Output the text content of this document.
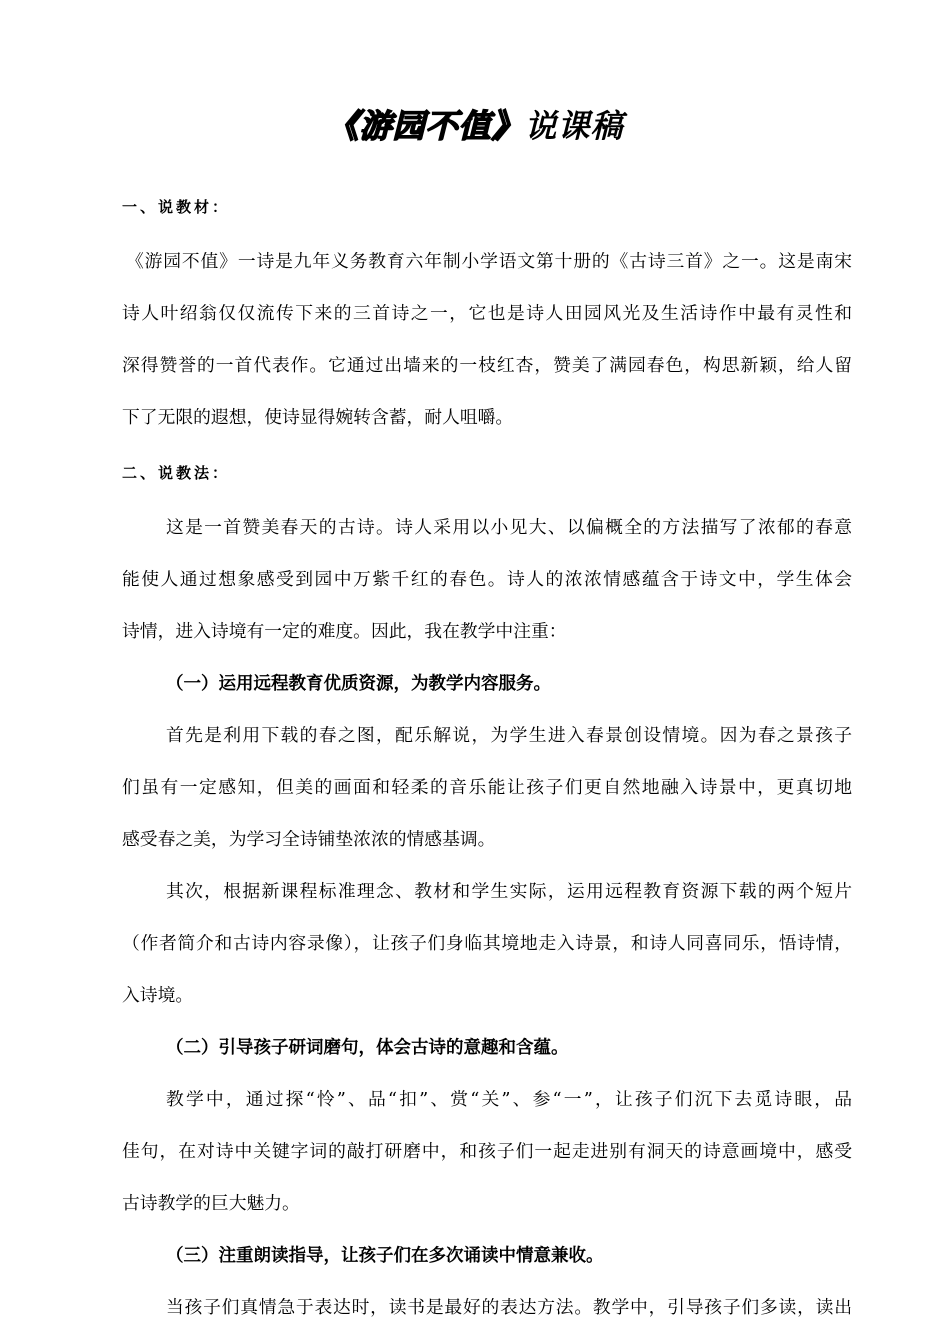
《游园不值》说课稿
一、说教材：
《游园不值》一诗是九年义务教育六年制小学语文第十册的《古诗三首》之一。这是南宋
诗人叶绍翁仅仅流传下来的三首诗之一，它也是诗人田园风光及生活诗作中最有灵性和
深得赞誉的一首代表作。它通过出墙来的一枝红杏，赞美了满园春色，构思新颖，给人留
下了无限的遐想，使诗显得婉转含蓄，耐人咀嚼。
二、说教法：
这是一首赞美春天的古诗。诗人采用以小见大、以偏概全的方法描写了浓郁的春意
能使人通过想象感受到园中万紫千红的春色。诗人的浓浓情感蕴含于诗文中，学生体会
诗情，进入诗境有一定的难度。因此，我在教学中注重：
（一）运用远程教育优质资源，为教学内容服务。
首先是利用下载的春之图，配乐解说，为学生进入春景创设情境。因为春之景孩子
们虽有一定感知，但美的画面和轻柔的音乐能让孩子们更自然地融入诗景中，更真切地
感受春之美，为学习全诗铺垫浓浓的情感基调。
其次，根据新课程标准理念、教材和学生实际，运用远程教育资源下载的两个短片
（作者简介和古诗内容录像），让孩子们身临其境地走入诗景，和诗人同喜同乐，悟诗情，
入诗境。
（二）引导孩子研词磨句，体会古诗的意趣和含蕴。
教学中，通过探“怜”、品“扣”、赏“关”、参“一”，让孩子们沉下去觅诗眼，品
佳句，在对诗中关键字词的敲打研磨中，和孩子们一起走进别有洞天的诗意画境中，感受
古诗教学的巨大魅力。
（三）注重朗读指导，让孩子们在多次诵读中情意兼收。
当孩子们真情急于表达时，读书是最好的表达方法。教学中，引导孩子们多读，读出
